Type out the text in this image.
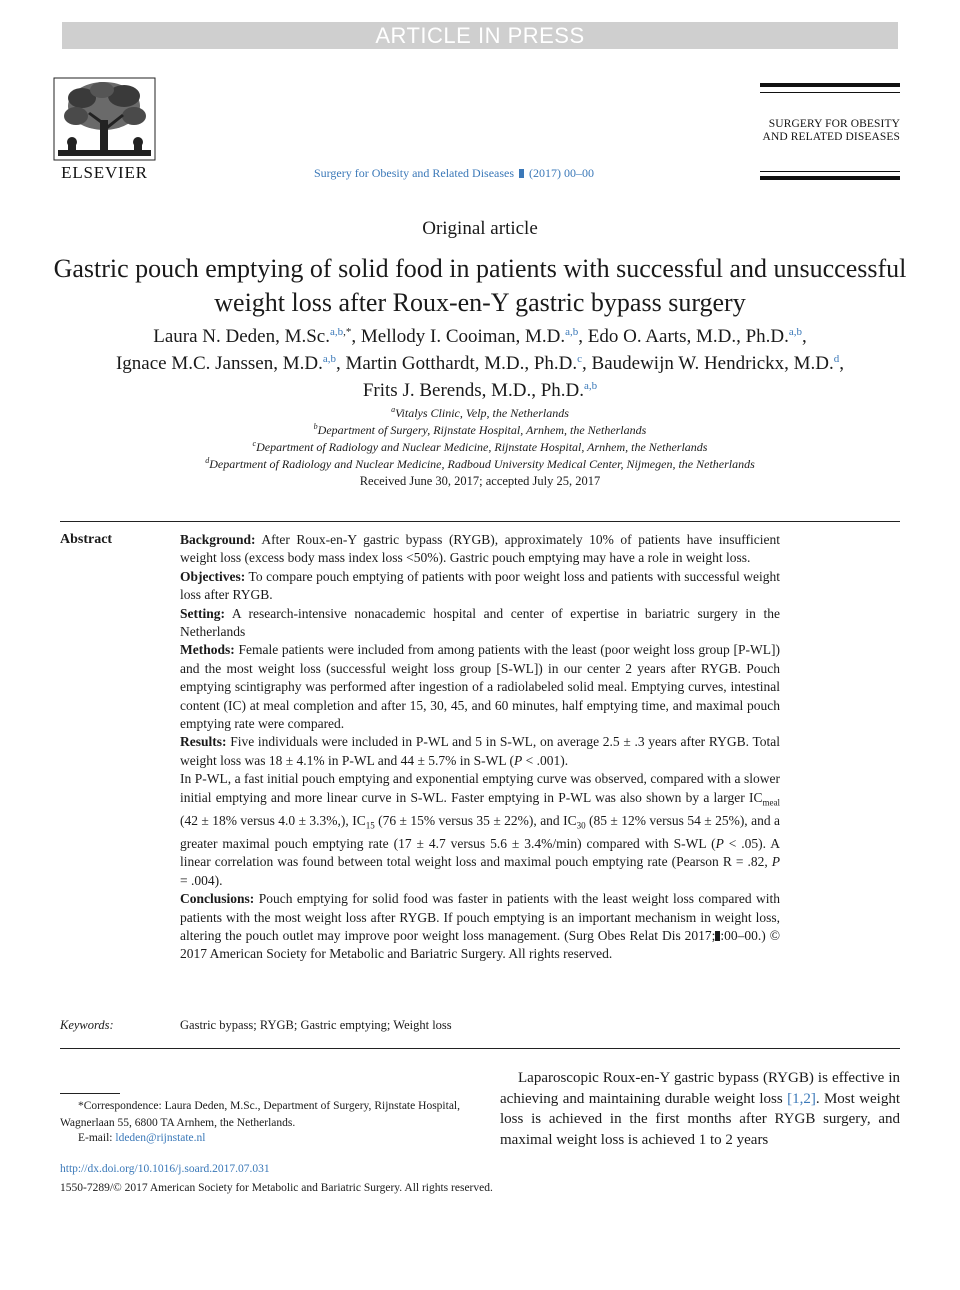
ARTICLE IN PRESS
ELSEVIER	Surgery for Obesity and Related Diseases (2017) 00–00
SURGERY FOR OBESITY
AND RELATED DISEASES
Original article
Gastric pouch emptying of solid food in patients with successful and unsuccessful weight loss after Roux-en-Y gastric bypass surgery
Laura N. Deden, M.Sc.$^{a,b,*}$, Mellody I. Cooiman, M.D.$^{a,b}$, Edo O. Aarts, M.D., Ph.D.$^{a,b}$,
Ignace M.C. Janssen, M.D.$^{a,b}$, Martin Gotthardt, M.D., Ph.D.$^c$, Baudewijn W. Hendrickx, M.D.$^d$,
Frits J. Berends, M.D., Ph.D.$^{a,b}$
$^a$Vitalys Clinic, Velp, the Netherlands
$^b$Department of Surgery, Rijnstate Hospital, Arnhem, the Netherlands
$^c$Department of Radiology and Nuclear Medicine, Rijnstate Hospital, Arnhem, the Netherlands
$^d$Department of Radiology and Nuclear Medicine, Radboud University Medical Center, Nijmegen, the Netherlands
Received June 30, 2017; accepted July 25, 2017
Abstract	Background: After Roux-en-Y gastric bypass (RYGB), approximately 10% of patients have insufficient weight loss (excess body mass index loss <50%). Gastric pouch emptying may have a role in weight loss.

Objectives: To compare pouch emptying of patients with poor weight loss and patients with successful weight loss after RYGB.

Setting: A research-intensive nonacademic hospital and center of expertise in bariatric surgery in the Netherlands

Methods: Female patients were included from among patients with the least (poor weight loss group [P-WL]) and the most weight loss (successful weight loss group [S-WL]) in our center 2 years after RYGB. Pouch emptying scintigraphy was performed after ingestion of a radiolabeled solid meal. Emptying curves, intestinal content (IC) at meal completion and after 15, 30, 45, and 60 minutes, half emptying time, and maximal pouch emptying rate were compared.

Results: Five individuals were included in P-WL and 5 in S-WL, on average 2.5 ± .3 years after RYGB. Total weight loss was 18 ± 4.1% in P-WL and 44 ± 5.7% in S-WL (P < .001).

In P-WL, a fast initial pouch emptying and exponential emptying curve was observed, compared with a slower initial emptying and more linear curve in S-WL. Faster emptying in P-WL was also shown by a larger $IC_{meal}$ (42 ± 18% versus 4.0 ± 3.3%,), $IC_{15}$ (76 ± 15% versus 35 ± 22%), and $IC_{30}$ (85 ± 12% versus 54 ± 25%), and a greater maximal pouch emptying rate (17 ± 4.7 versus 5.6 ± 3.4%/min) compared with S-WL (P < .05). A linear correlation was found between total weight loss and maximal pouch emptying rate (Pearson R = .82, P = .004).

Conclusions: Pouch emptying for solid food was faster in patients with the least weight loss compared with patients with the most weight loss after RYGB. If pouch emptying is an important mechanism in weight loss, altering the pouch outlet may improve poor weight loss management. (Surg Obes Relat Dis 2017; :00–00.) © 2017 American Society for Metabolic and Bariatric Surgery. All rights reserved.

Keywords:	Gastric bypass; RYGB; Gastric emptying; Weight loss
*Correspondence: Laura Deden, M.Sc., Department of Surgery, Rijnstate Hospital, Wagnerlaan 55, 6800 TA Arnhem, the Netherlands.
E-mail: ldeden@rijnstate.nl
http://dx.doi.org/10.1016/j.soard.2017.07.031
1550-7289/© 2017 American Society for Metabolic and Bariatric Surgery. All rights reserved.
Laparoscopic Roux-en-Y gastric bypass (RYGB) is effective in achieving and maintaining durable weight loss [1,2]. Most weight loss is achieved in the first months after RYGB surgery, and maximal weight loss is achieved 1 to 2 years
